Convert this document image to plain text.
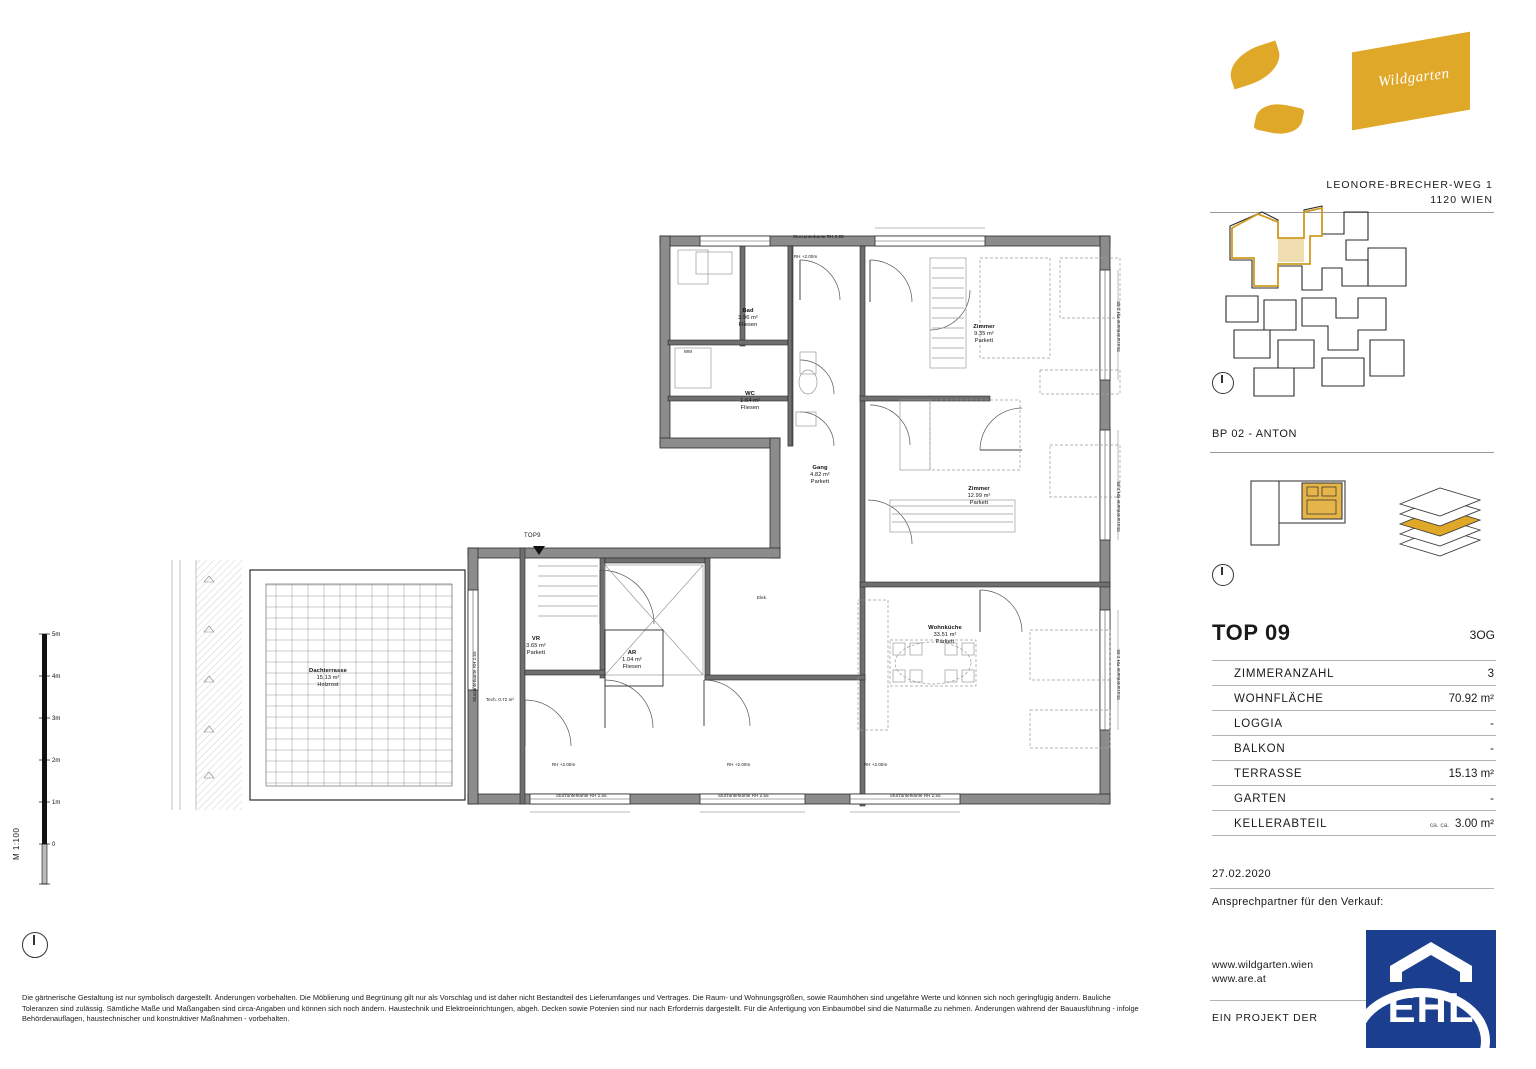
Wildgarten
LEONORE-BRECHER-WEG 1
1120 WIEN
BP 02 - ANTON
TOP 09	3OG
ZIMMERANZAHL	3
WOHNFLÄCHE	70.92 m²
LOGGIA	-
BALKON	-
TERRASSE	15.13 m²
GARTEN	-
KELLERABTEIL	ca. ca. 3.00 m²
27.02.2020
Ansprechpartner für den Verkauf:
www.wildgarten.wien
www.are.at
EIN PROJEKT DER	EHL
5m
4m
3m
2m
1m
0
M 1:100
Bad
3.96 m²
Fliesen
WC
1.64 m²
Fliesen
Gang
4.82 m²
Parkett
Zimmer
9.35 m²
Parkett
Zimmer
12.99 m²
Parkett
Wohnküche
33.51 m²
Parkett
VR
3.65 m²
Parkett	AR
1.04 m²
Fliesen
Dachterrasse
15.13 m²
Holzrost
WM
Elek.
Tech. 0.72 m²
TOP9
Sturzunterkante RH 2.55
Sturzunterkante RH 2.55	Sturzunterkante RH 2.55	Sturzunterkante RH 2.55
RH +2.00m	RH +2.00m	RH +2.00m
RH +2.00m
Sturzunterkante RH 2.55
Sturzunterkante RH 2.55
Sturzunterkante RH 2.55
Sturzunterkante RH 2.55
Die gärtnerische Gestaltung ist nur symbolisch dargestellt. Änderungen vorbehalten. Die Möblierung und Begrünung gilt nur als Vorschlag und ist daher nicht Bestandteil des Lieferumfanges und Vertrages. Die Raum- und Wohnungsgrößen, sowie Raumhöhen sind ungefähre Werte und können sich noch geringfügig ändern. Bauliche Toleranzen sind zulässig. Sämtliche Maße und Maßangaben sind circa-Angaben und können sich noch ändern. Haustechnik und Elektroeinrichtungen, abgeh. Decken sowie Potenien sind nur nach Erfordernis dargestellt. Für die Anfertigung von Einbaumöbel sind die Naturmaße zu nehmen. Änderungen während der Bauausführung - infolge Behördenauflagen, haustechnischer und konstruktiver Maßnahmen - vorbehalten.
